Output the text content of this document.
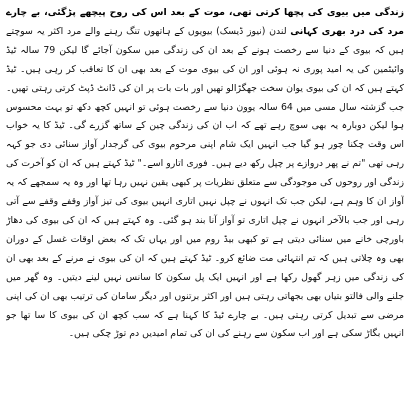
زندگی میں بیوی کی پچھا کرتی تھی، موت کے بعد اس کی روح پیچھے پڑگئی، بے چارے مرد کی درد بھری کہانی لندن (نیوز ڈیسک) بیویوں کے ہاتھوں تنگ رہنے والے مرد اکثر یہ سوچتے ہیں کہ بیوی کے دنیا سے رخصت ہونے کے بعد ان کی زندگی میں سکون آجائے گا لیکن 79 سالہ ٹیڈ وائیٹمین کی یہ امید پوری نہ ہوئی اور ان کی بیوی موت کے بعد بھی ان کا تعاقب کر رہی ہیں۔ ٹیڈ کہتے ہیں کہ ان کی بیوی یوان سخت جھگڑالو تھیں اور بات بات پر ان کی ڈانٹ ڈپٹ کرتی رہتی تھیں۔ جب گزشتہ سال مسی میں 64 سالہ یوون دنیا سے رخصت ہوئی تو انہیں کچھ دکھ تو بہت محسوس ہوا لیکن دوبارہ یہ بھی سوچ رہے تھے کہ اب ان کی زندگی چین کے ساتھ گزرے گی۔ ٹیڈ کا یہ خواب اس وقت چکنا چور ہو گیا جب انہیں ایک شام اپنی مرحوم بیوی کی گرجدار آواز سنائی دی جو کہہ رہی تھی "تم نے پھر دروازے پر چپل رکھ دیے ہیں۔ فوری اتارو اسے۔" ٹیڈ کہتے ہیں کہ ان کو آخرت کی زندگی اور روحوں کی موجودگی سے متعلق نظریات پر کبھی یقین نہیں رہا تھا اور وہ یہ سمجھے کہ یہ آواز ان کا وہم ہے، لیکن جب تک انہوں نے چپل نہیں اتاری انہیں بیوی کی تیز آواز وقفے وقفے سے آتی رہی اور جب بالآخر انہوں نے چپل اتاری تو آواز آنا بند ہو گئی۔ وہ کہتے ہیں کہ ان کی بیوی کی دھاڑ باورچی خانے میں سنائی دیتی ہے تو کبھی بیڈ روم میں اور یہاں تک کہ بعض اوقات غسل کے دوران بھی وہ چلاتی ہیں کہ تم انتہائی مت ضائع کرو۔ ٹیڈ کہتے ہیں کہ ان کی بیوی نے مرنے کے بعد بھی ان کی زندگی میں زہر گھول رکھا ہے اور انہیں ایک پل سکون کا سانس نہیں لینے دیتیں۔ وہ گھر میں جلنے والی فالتو بتیاں بھی بجھاتی رہتی ہیں اور اکثر برتنوں اور دیگر سامان کی ترتیب بھی ان کی اپنی مرضی سے تبدیل کرتی رہتی ہیں۔ بے چارے ٹیڈ کا کہنا ہے کہ سب کچھ ان کی بیوی کا سا تھا جو انہیں بگاڑ سکی ہے اور اب سکون سے رہنے کی ان کی تمام امیدیں دم توڑ چکی ہیں۔
